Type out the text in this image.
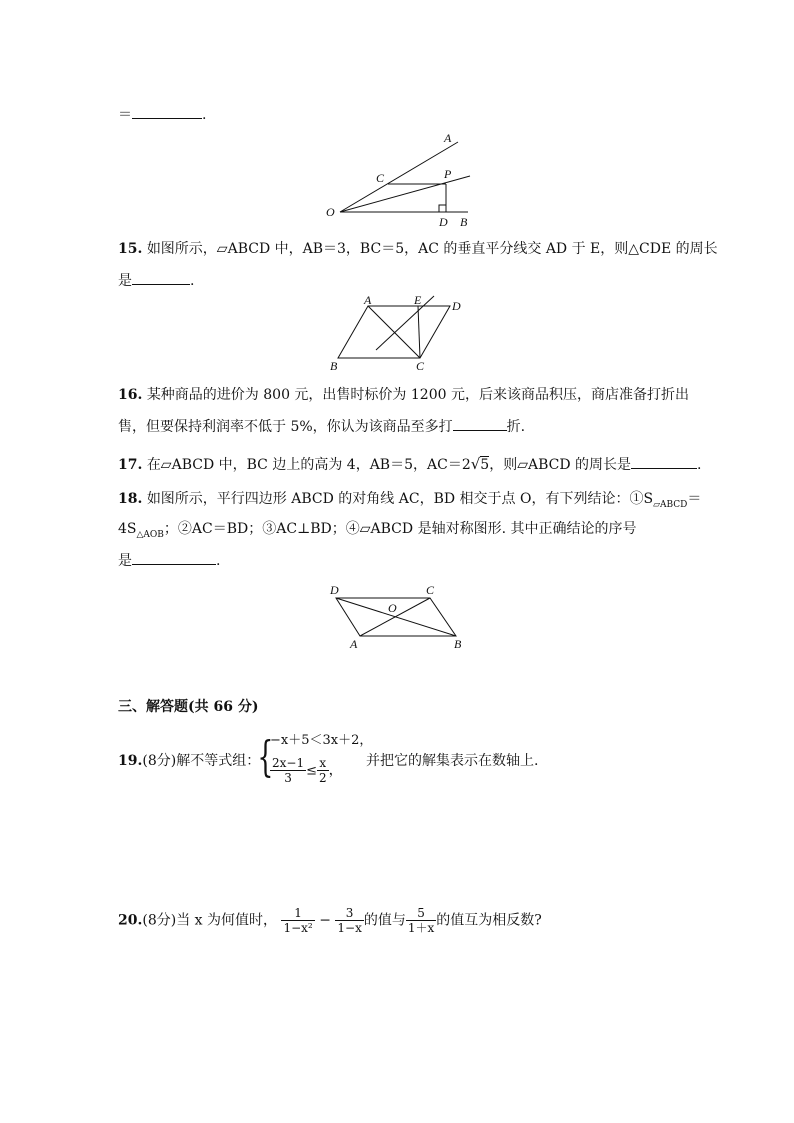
＝	.
A
C	P
O
D B
15. 如图所示，▱ABCD 中，AB＝3，BC＝5，AC 的垂直平分线交 AD 于 E，则△CDE 的周长
是	.
A	E	D
B	C
16. 某种商品的进价为 800 元，出售时标价为 1200 元，后来该商品积压，商店准备打折出
售，但要保持利润率不低于 5%，你认为该商品至多打	折.
17. 在▱ABCD 中，BC 边上的高为 4，AB＝5，AC＝2√5，则▱ABCD 的周长是	.
18. 如图所示，平行四边形 ABCD 的对角线 AC，BD 相交于点 O，有下列结论：$①S_{▱ABCD}=$
$4S_{\triangle AOB}$；②AC＝BD；③AC⊥BD；④▱ABCD 是轴对称图形. 其中正确结论的序号
是	.
D	C
O
A	B
三、解答题(共 66 分)
19.(8分)解不等式组：
{
−x＋5＜3x＋2，
$\frac{2x-1}{3} \le \frac{x}{2}$ ，
并把它的解集表示在数轴上.
20.(8分)当 x 为何值时， $\frac{1}{\text{1−x²}} - \frac{3}{1-x}$ 的值与 $\frac{5}{1+x}$ 的值互为相反数?
